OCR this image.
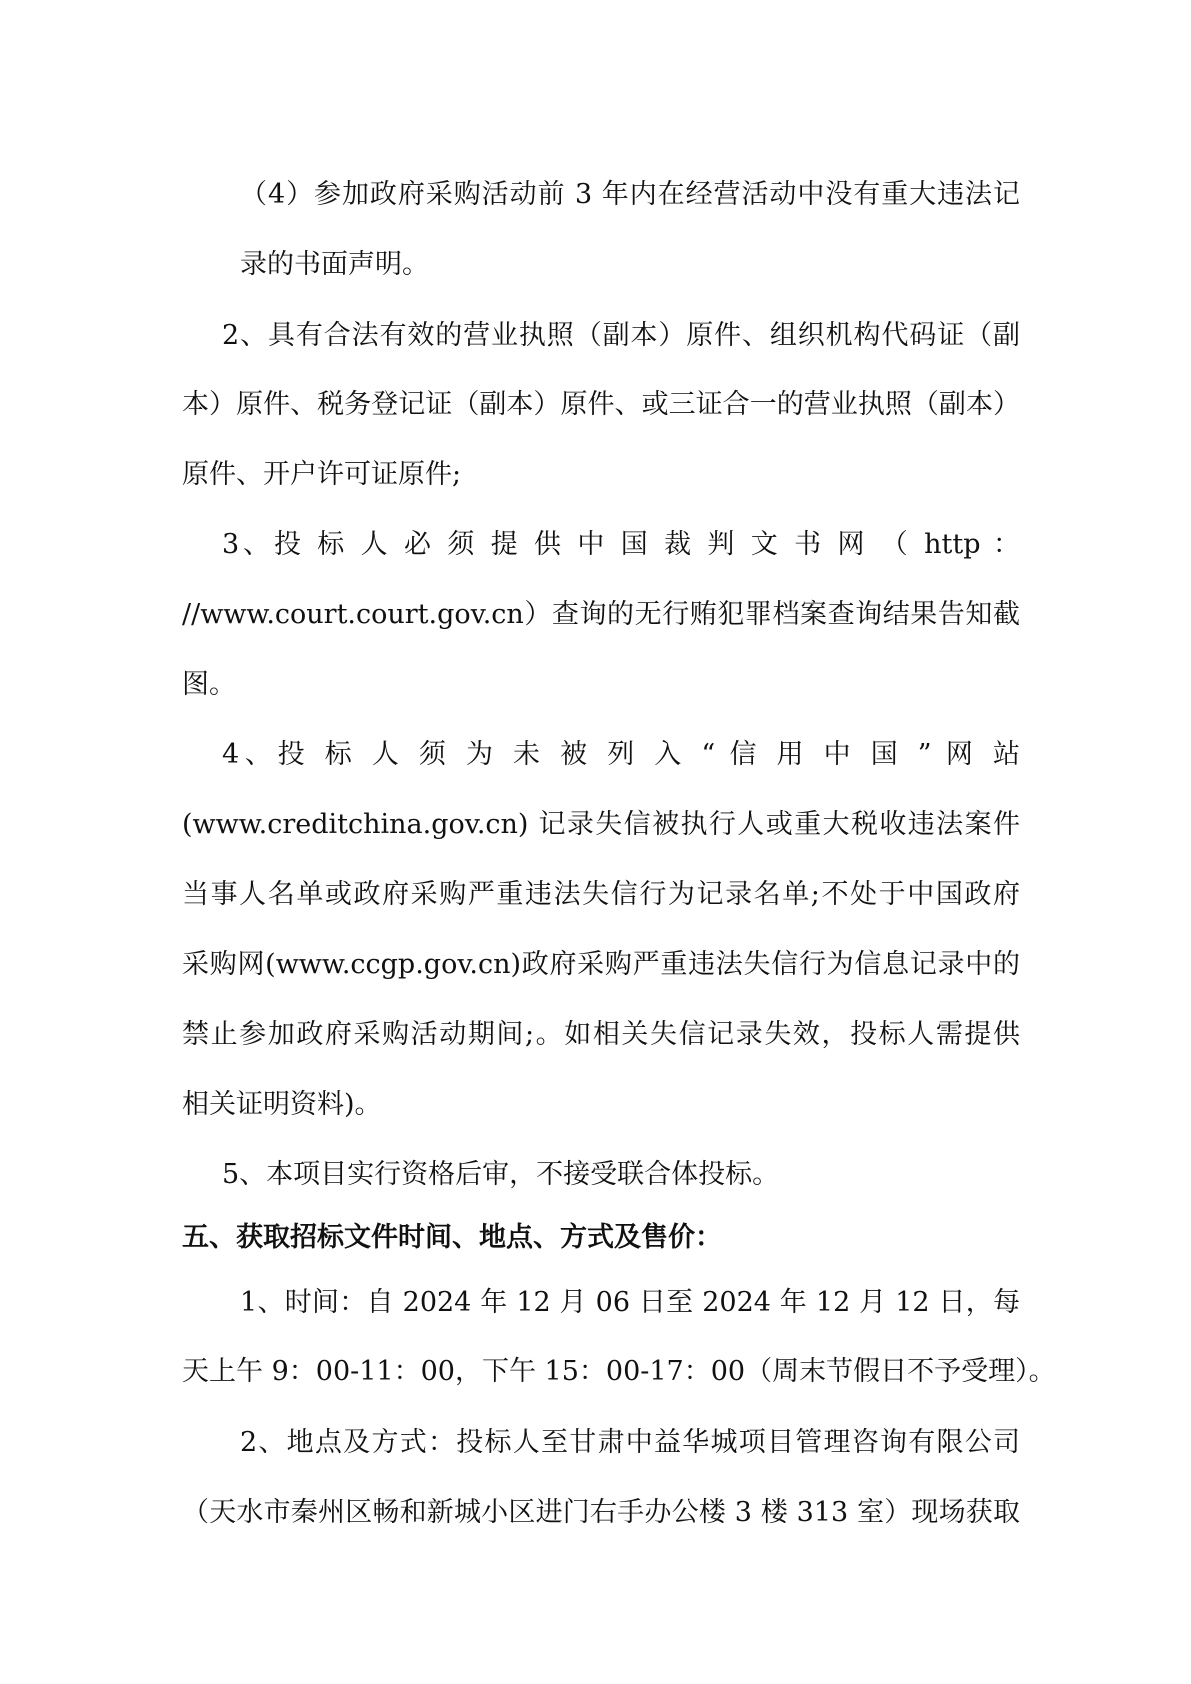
（4）参加政府采购活动前 3 年内在经营活动中没有重大违法记

录的书面声明。

2、具有合法有效的营业执照（副本）原件、组织机构代码证（副

本）原件、税务登记证（副本）原件、或三证合一的营业执照（副本）

原件、开户许可证原件;

3、投 标 人 必 须 提 供 中 国 裁 判 文 书 网 （ http ：

//www.court.court.gov.cn）查询的无行贿犯罪档案查询结果告知截

图。

4、投 标 人 须 为 未 被 列 入 “ 信 用 中 国 ” 网 站

(www.creditchina.gov.cn) 记录失信被执行人或重大税收违法案件

当事人名单或政府采购严重违法失信行为记录名单;不处于中国政府

采购网(www.ccgp.gov.cn)政府采购严重违法失信行为信息记录中的

禁止参加政府采购活动期间;。如相关失信记录失效，投标人需提供

相关证明资料)。

5、本项目实行资格后审，不接受联合体投标。

五、获取招标文件时间、地点、方式及售价：

1、时间：自 2024 年 12 月 06 日至 2024 年 12 月 12 日，每

天上午 9：00-11：00，下午 15：00-17：00（周末节假日不予受理）。

2、地点及方式：投标人至甘肃中益华城项目管理咨询有限公司

（天水市秦州区畅和新城小区进门右手办公楼 3 楼 313 室）现场获取
